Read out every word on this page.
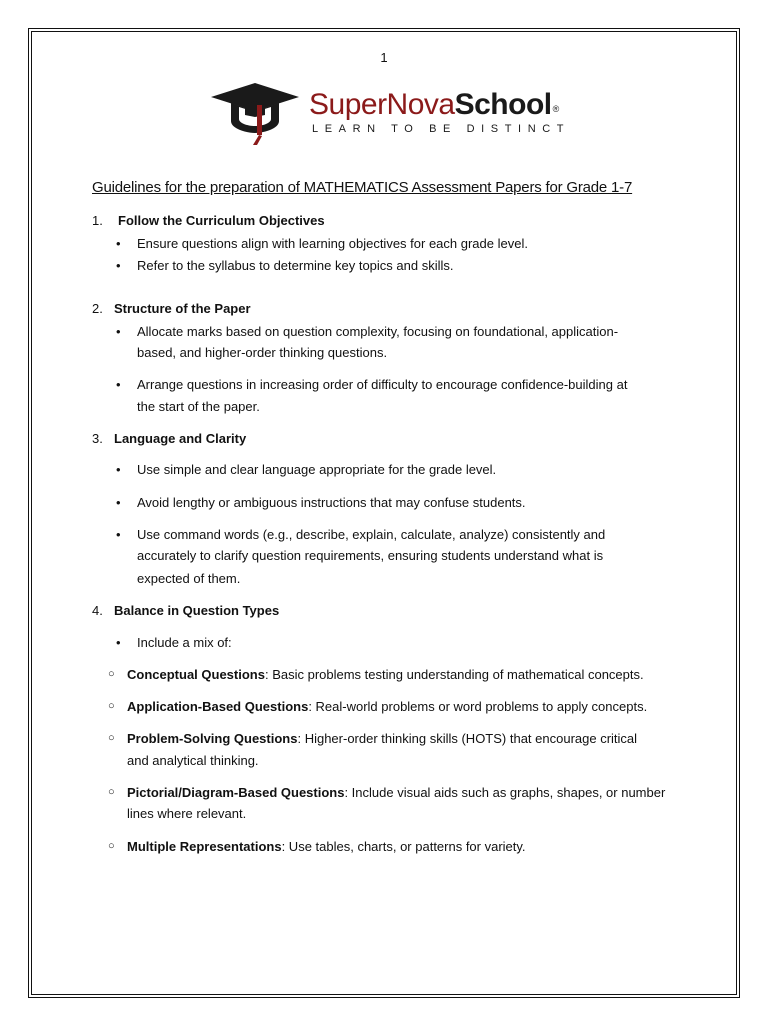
1
SuperNovaSchool®
LEARN TO BE DISTINCT
Guidelines for the preparation of MATHEMATICS Assessment Papers for Grade 1-7
1. Follow the Curriculum Objectives
• Ensure questions align with learning objectives for each grade level.
• Refer to the syllabus to determine key topics and skills.
2. Structure of the Paper
• Allocate marks based on question complexity, focusing on foundational, application-
based, and higher-order thinking questions.
• Arrange questions in increasing order of difficulty to encourage confidence-building at
the start of the paper.
3. Language and Clarity
• Use simple and clear language appropriate for the grade level.
• Avoid lengthy or ambiguous instructions that may confuse students.
• Use command words (e.g., describe, explain, calculate, analyze) consistently and
accurately to clarify question requirements, ensuring students understand what is
expected of them.
4. Balance in Question Types
• Include a mix of:
○ Conceptual Questions: Basic problems testing understanding of mathematical concepts.
○ Application-Based Questions: Real-world problems or word problems to apply concepts.
○ Problem-Solving Questions: Higher-order thinking skills (HOTS) that encourage critical
and analytical thinking.
○ Pictorial/Diagram-Based Questions: Include visual aids such as graphs, shapes, or number
lines where relevant.
○ Multiple Representations: Use tables, charts, or patterns for variety.
